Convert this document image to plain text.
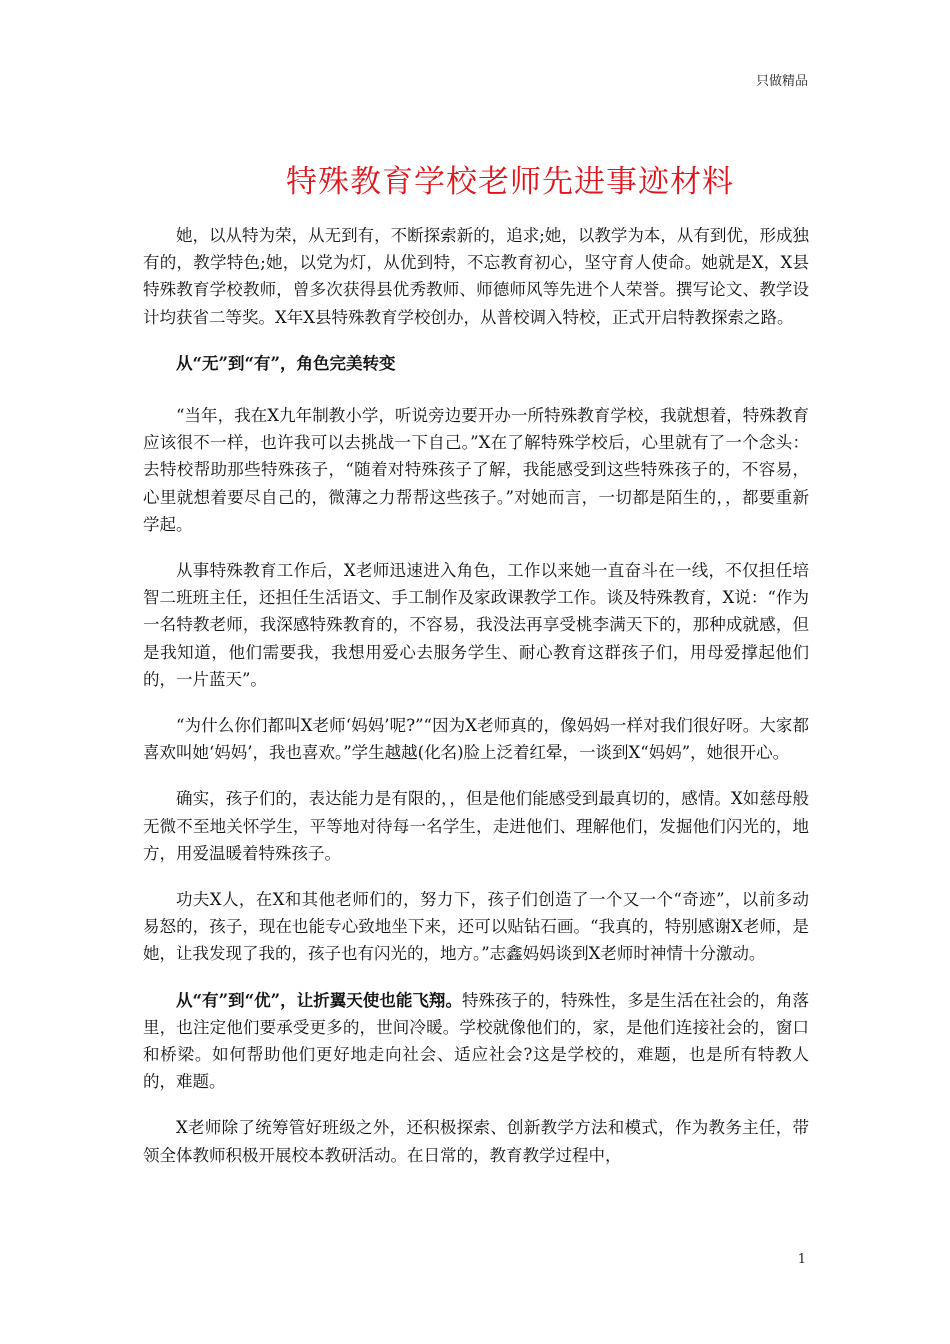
只做精品
特殊教育学校老师先进事迹材料

她，以从特为荣，从无到有，不断探索新的，追求;她，以教学为本，从有到优，形成独有的，教学特色;她，以党为灯，从优到特，不忘教育初心，坚守育人使命。她就是X，X县特殊教育学校教师，曾多次获得县优秀教师、师德师风等先进个人荣誉。撰写论文、教学设计均获省二等奖。X年X县特殊教育学校创办，从普校调入特校，正式开启特教探索之路。

从“无”到“有”，角色完美转变

“当年，我在X九年制教小学，听说旁边要开办一所特殊教育学校，我就想着，特殊教育应该很不一样，也许我可以去挑战一下自己。”X在了解特殊学校后，心里就有了一个念头：去特校帮助那些特殊孩子，“随着对特殊孩子了解，我能感受到这些特殊孩子的，不容易，心里就想着要尽自己的，微薄之力帮帮这些孩子。”对她而言，一切都是陌生的，，都要重新学起。

从事特殊教育工作后，X老师迅速进入角色，工作以来她一直奋斗在一线，不仅担任培智二班班主任，还担任生活语文、手工制作及家政课教学工作。谈及特殊教育，X说：“作为一名特教老师，我深感特殊教育的，不容易，我没法再享受桃李满天下的，那种成就感，但是我知道，他们需要我，我想用爱心去服务学生、耐心教育这群孩子们，用母爱撑起他们的，一片蓝天”。

“为什么你们都叫X老师‘妈妈’呢?”“因为X老师真的，像妈妈一样对我们很好呀。大家都喜欢叫她‘妈妈’，我也喜欢。”学生越越(化名)脸上泛着红晕，一谈到X“妈妈”，她很开心。

确实，孩子们的，表达能力是有限的，，但是他们能感受到最真切的，感情。X如慈母般无微不至地关怀学生，平等地对待每一名学生，走进他们、理解他们，发掘他们闪光的，地方，用爱温暖着特殊孩子。

功夫X人，在X和其他老师们的，努力下，孩子们创造了一个又一个“奇迹”，以前多动易怒的，孩子，现在也能专心致地坐下来，还可以贴钻石画。“我真的，特别感谢X老师，是她，让我发现了我的，孩子也有闪光的，地方。”志鑫妈妈谈到X老师时神情十分激动。

从“有”到“优”，让折翼天使也能飞翔。特殊孩子的，特殊性，多是生活在社会的，角落里，也注定他们要承受更多的，世间冷暖。学校就像他们的，家，是他们连接社会的，窗口和桥梁。如何帮助他们更好地走向社会、适应社会?这是学校的，难题，也是所有特教人的，难题。

X老师除了统筹管好班级之外，还积极探索、创新教学方法和模式，作为教务主任，带领全体教师积极开展校本教研活动。在日常的，教育教学过程中，

1
